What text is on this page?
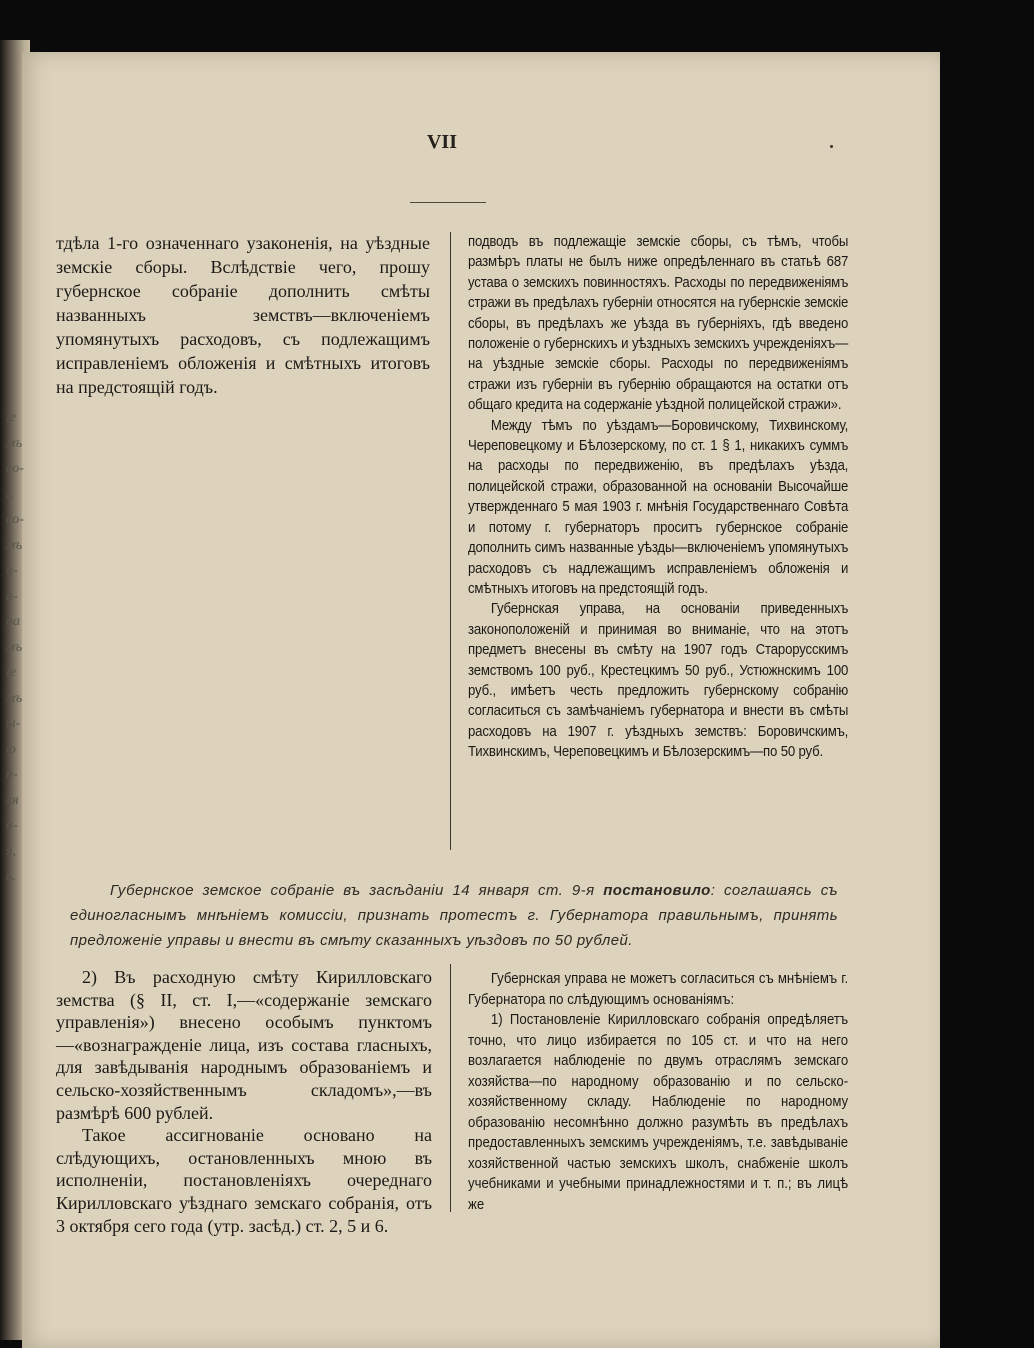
VII

тдѣла 1-го означеннаго узаконенія, на уѣздные земскіе сборы. Вслѣдствіе чего, прошу губернское собраніе дополнить смѣты названныхъ земствъ—включеніемъ упомянутыхъ расходовъ, съ подлежащимъ исправленіемъ обложенія и смѣтныхъ итоговъ на предстоящій годъ.

подводъ въ подлежащіе земскіе сборы, съ тѣмъ, чтобы размѣръ платы не былъ ниже опредѣленнаго въ статьѣ 687 устава о земскихъ повинностяхъ. Расходы по передвиженіямъ стражи въ предѣлахъ губерніи относятся на губернскіе земскіе сборы, въ предѣлахъ же уѣзда въ губерніяхъ, гдѣ введено положеніе о губернскихъ и уѣздныхъ земскихъ учрежденіяхъ—на уѣздные земскіе сборы. Расходы по передвиженіямъ стражи изъ губерніи въ губернію обращаются на остатки отъ общаго кредита на содержаніе уѣздной полицейской стражи».

Между тѣмъ по уѣздамъ—Боровичскому, Тихвинскому, Череповецкому и Бѣлозерскому, по ст. 1 § 1, никакихъ суммъ на расходы по передвиженію, въ предѣлахъ уѣзда, полицейской стражи, образованной на основаніи Высочайше утвержденнаго 5 мая 1903 г. мнѣнія Государственнаго Совѣта и потому г. губернаторъ проситъ губернское собраніе дополнить симъ названные уѣзды—включеніемъ упомянутыхъ расходовъ съ надлежащимъ исправленіемъ обложенія и смѣтныхъ итоговъ на предстоящій годъ.

Губернская управа, на основаніи приведенныхъ законоположеній и принимая во вниманіе, что на этотъ предметъ внесены въ смѣту на 1907 годъ Старорусскимъ земствомъ 100 руб., Крестецкимъ 50 руб., Устюжнскимъ 100 руб., имѣетъ честь предложить губернскому собранію согласиться съ замѣчаніемъ губернатора и внести въ смѣты расходовъ на 1907 г. уѣздныхъ земствъ: Боровичскимъ, Тихвинскимъ, Череповецкимъ и Бѣлозерскимъ—по 50 руб.

Губернское земское собраніе въ засѣданіи 14 января ст. 9-я постановило: соглашаясь съ единогласнымъ мнѣніемъ комиссіи, признать протестъ г. Губернатора правильнымъ, принять предложеніе управы и внести въ смѣту сказанныхъ уѣздовъ по 50 рублей.

2) Въ расходную смѣту Кирилловскаго земства (§ II, ст. I,—«содержаніе земскаго управленія») внесено особымъ пунктомъ—«вознагражденіе лица, изъ состава гласныхъ, для завѣдыванія народнымъ образованіемъ и сельско-хозяйственнымъ складомъ»,—въ размѣрѣ 600 рублей.

Такое ассигнованіе основано на слѣдующихъ, остановленныхъ мною въ исполненіи, постановленіяхъ очереднаго Кирилловскаго уѣзднаго земскаго собранія, отъ 3 октября сего года (утр. засѣд.) ст. 2, 5 и 6.

Губернская управа не можетъ согласиться съ мнѣніемъ г. Губернатора по слѣдующимъ основаніямъ:

1) Постановленіе Кирилловскаго собранія опредѣляетъ точно, что лицо избирается по 105 ст. и что на него возлагается наблюденіе по двумъ отраслямъ земскаго хозяйства—по народному образованію и по сельско-хозяйственному складу. Наблюденіе по народному образованію несомнѣнно должно разумѣть въ предѣлахъ предоставленныхъ земскимъ учрежденіямъ, т.е. завѣдываніе хозяйственной частью земскихъ школъ, снабженіе школъ учебниками и учебными принадлежностями и т. п.; въ лицѣ же

ie
мъ
co-
г.
co-
мъ
u-
a-
oa
мъ
ie
мъ
ы-
ю
п-
ля
a-
я,
ь.
